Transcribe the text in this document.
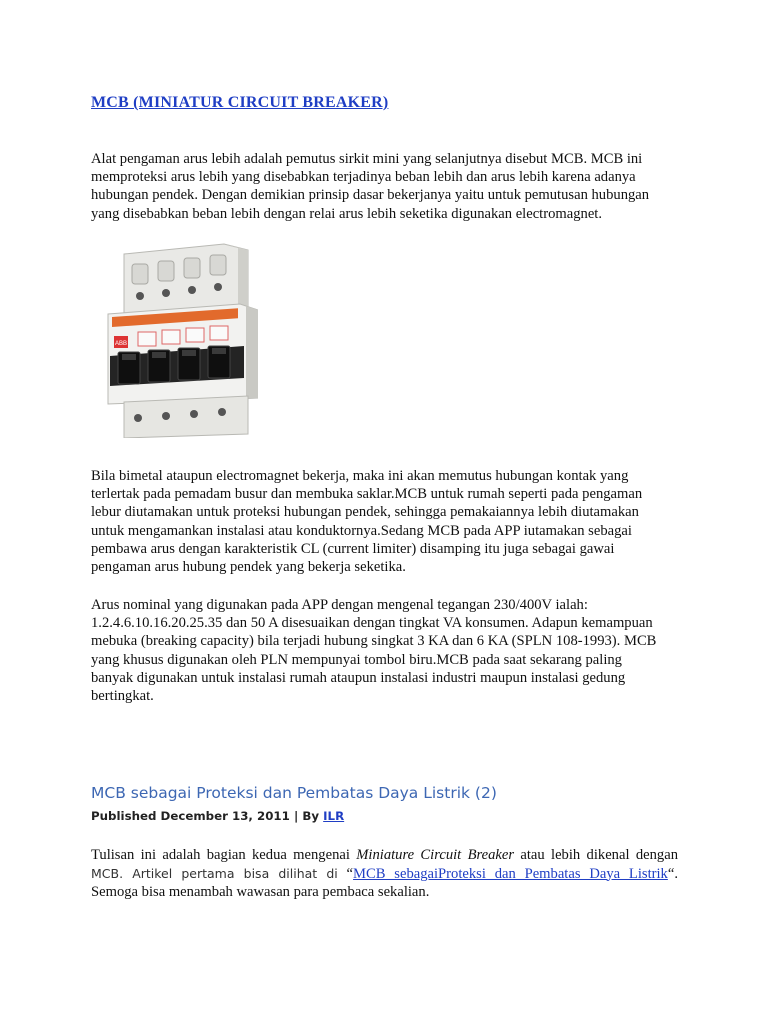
MCB (MINIATUR CIRCUIT BREAKER)
Alat pengaman arus lebih adalah pemutus sirkit mini yang selanjutnya disebut MCB. MCB ini
memproteksi arus lebih yang disebabkan terjadinya beban lebih dan arus lebih karena adanya
hubungan pendek. Dengan demikian prinsip dasar bekerjanya yaitu untuk pemutusan hubungan
yang disebabkan beban lebih dengan relai arus lebih seketika digunakan electromagnet.
ABB
Bila bimetal ataupun electromagnet bekerja, maka ini akan memutus hubungan kontak yang
terlertak pada pemadam busur dan membuka saklar.MCB untuk rumah seperti pada pengaman
lebur diutamakan untuk proteksi hubungan pendek, sehingga pemakaiannya lebih diutamakan
untuk mengamankan instalasi atau konduktornya.Sedang MCB pada APP iutamakan sebagai
pembawa arus dengan karakteristik CL (current limiter) disamping itu juga sebagai gawai
pengaman arus hubung pendek yang bekerja seketika.
Arus nominal yang digunakan pada APP dengan mengenal tegangan 230/400V ialah:
1.2.4.6.10.16.20.25.35 dan 50 A disesuaikan dengan tingkat VA konsumen. Adapun kemampuan
mebuka (breaking capacity) bila terjadi hubung singkat 3 KA dan 6 KA (SPLN 108-1993). MCB
yang khusus digunakan oleh PLN mempunyai tombol biru.MCB pada saat sekarang paling
banyak digunakan untuk instalasi rumah ataupun instalasi industri maupun instalasi gedung
bertingkat.
MCB sebagai Proteksi dan Pembatas Daya Listrik (2)

Published December 13, 2011 | By ILR

Tulisan ini adalah bagian kedua mengenai Miniature Circuit Breaker atau lebih dikenal dengan
MCB. Artikel pertama bisa dilihat di “MCB sebagaiProteksi dan Pembatas Daya Listrik“.
Semoga bisa menambah wawasan para pembaca sekalian.
